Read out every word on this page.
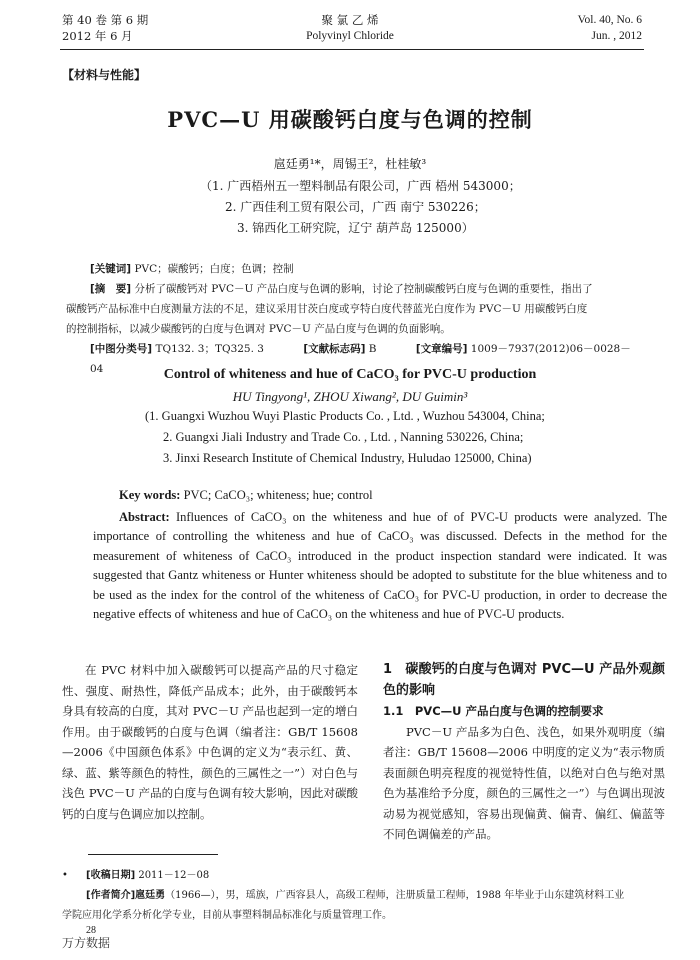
第 40 卷 第 6 期
2012 年 6 月
聚 氯 乙 烯
Polyvinyl Chloride
Vol. 40, No. 6
Jun. , 2012
【材料与性能】
PVC—U 用碳酸钙白度与色调的控制
扈廷勇¹*，周锡王²，杜桂敏³
（1. 广西梧州五一塑料制品有限公司，广西 梧州 543000；
2. 广西佳利工贸有限公司，广西 南宁 530226；
3. 锦西化工研究院，辽宁 葫芦岛 125000）
[关键词] PVC；碳酸钙；白度；色调；控制
[摘　要] 分析了碳酸钙对 PVC－U 产品白度与色调的影响，讨论了控制碳酸钙白度与色调的重要性，指出了
碳酸钙产品标准中白度测量方法的不足，建议采用甘茨白度或亨特白度代替蓝光白度作为 PVC－U 用碳酸钙白度
的控制指标，以减少碳酸钙的白度与色调对 PVC－U 产品白度与色调的负面影响。
[中图分类号] TQ132. 3；TQ325. 3	[文献标志码] B	[文章编号] 1009－7937(2012)06－0028－04	Control of whiteness and hue of CaCO₃ for PVC-U production
HU Tingyong¹, ZHOU Xiwang², DU Guimin³
(1. Guangxi Wuzhou Wuyi Plastic Products Co. , Ltd. , Wuzhou 543004, China;
2. Guangxi Jiali Industry and Trade Co. , Ltd. , Nanning 530226, China;
3. Jinxi Research Institute of Chemical Industry, Huludao 125000, China)
Key words: PVC; CaCO₃; whiteness; hue; control
Abstract: Influences of CaCO₃ on the whiteness and hue of of PVC-U products were analyzed. The importance of controlling the whiteness and hue of CaCO₃ was discussed. Defects in the method for the measurement of whiteness of CaCO₃ introduced in the product inspection standard were indicated. It was suggested that Gantz whiteness or Hunter whiteness should be adopted to substitute for the blue whiteness and to be used as the index for the control of the whiteness of CaCO₃ for PVC-U production, in order to decrease the negative effects of whiteness and hue of CaCO₃ on the whiteness and hue of PVC-U products.

在 PVC 材料中加入碳酸钙可以提高产品的尺寸稳定性、强度、耐热性，降低产品成本；此外，由于碳酸钙本身具有较高的白度，其对 PVC－U 产品也起到一定的增白作用。由于碳酸钙的白度与色调（编者注：GB/T 15608—2006《中国颜色体系》中色调的定义为“表示红、黄、绿、蓝、紫等颜色的特性，颜色的三属性之一”）对白色与浅色 PVC－U 产品的白度与色调有较大影响，因此对碳酸钙的白度与色调应加以控制。

1　碳酸钙的白度与色调对 PVC—U 产品外观颜色的影响
1.1　PVC—U 产品白度与色调的控制要求

PVC－U 产品多为白色、浅色，如果外观明度（编者注：GB/T 15608—2006 中明度的定义为“表示物质表面颜色明亮程度的视觉特性值，以绝对白色与绝对黑色为基准给予分度，颜色的三属性之一”）与色调出现波动易为视觉感知，容易出现偏黄、偏青、偏红、偏蓝等不同色调偏差的产品。

• [收稿日期] 2011－12－08
[作者简介]扈廷勇（1966—），男，瑶族，广西容县人，高级工程师，注册质量工程师，1988 年毕业于山东建筑材料工业
学院应用化学系分析化学专业，目前从事塑料制品标准化与质量管理工作。
28
万方数据
